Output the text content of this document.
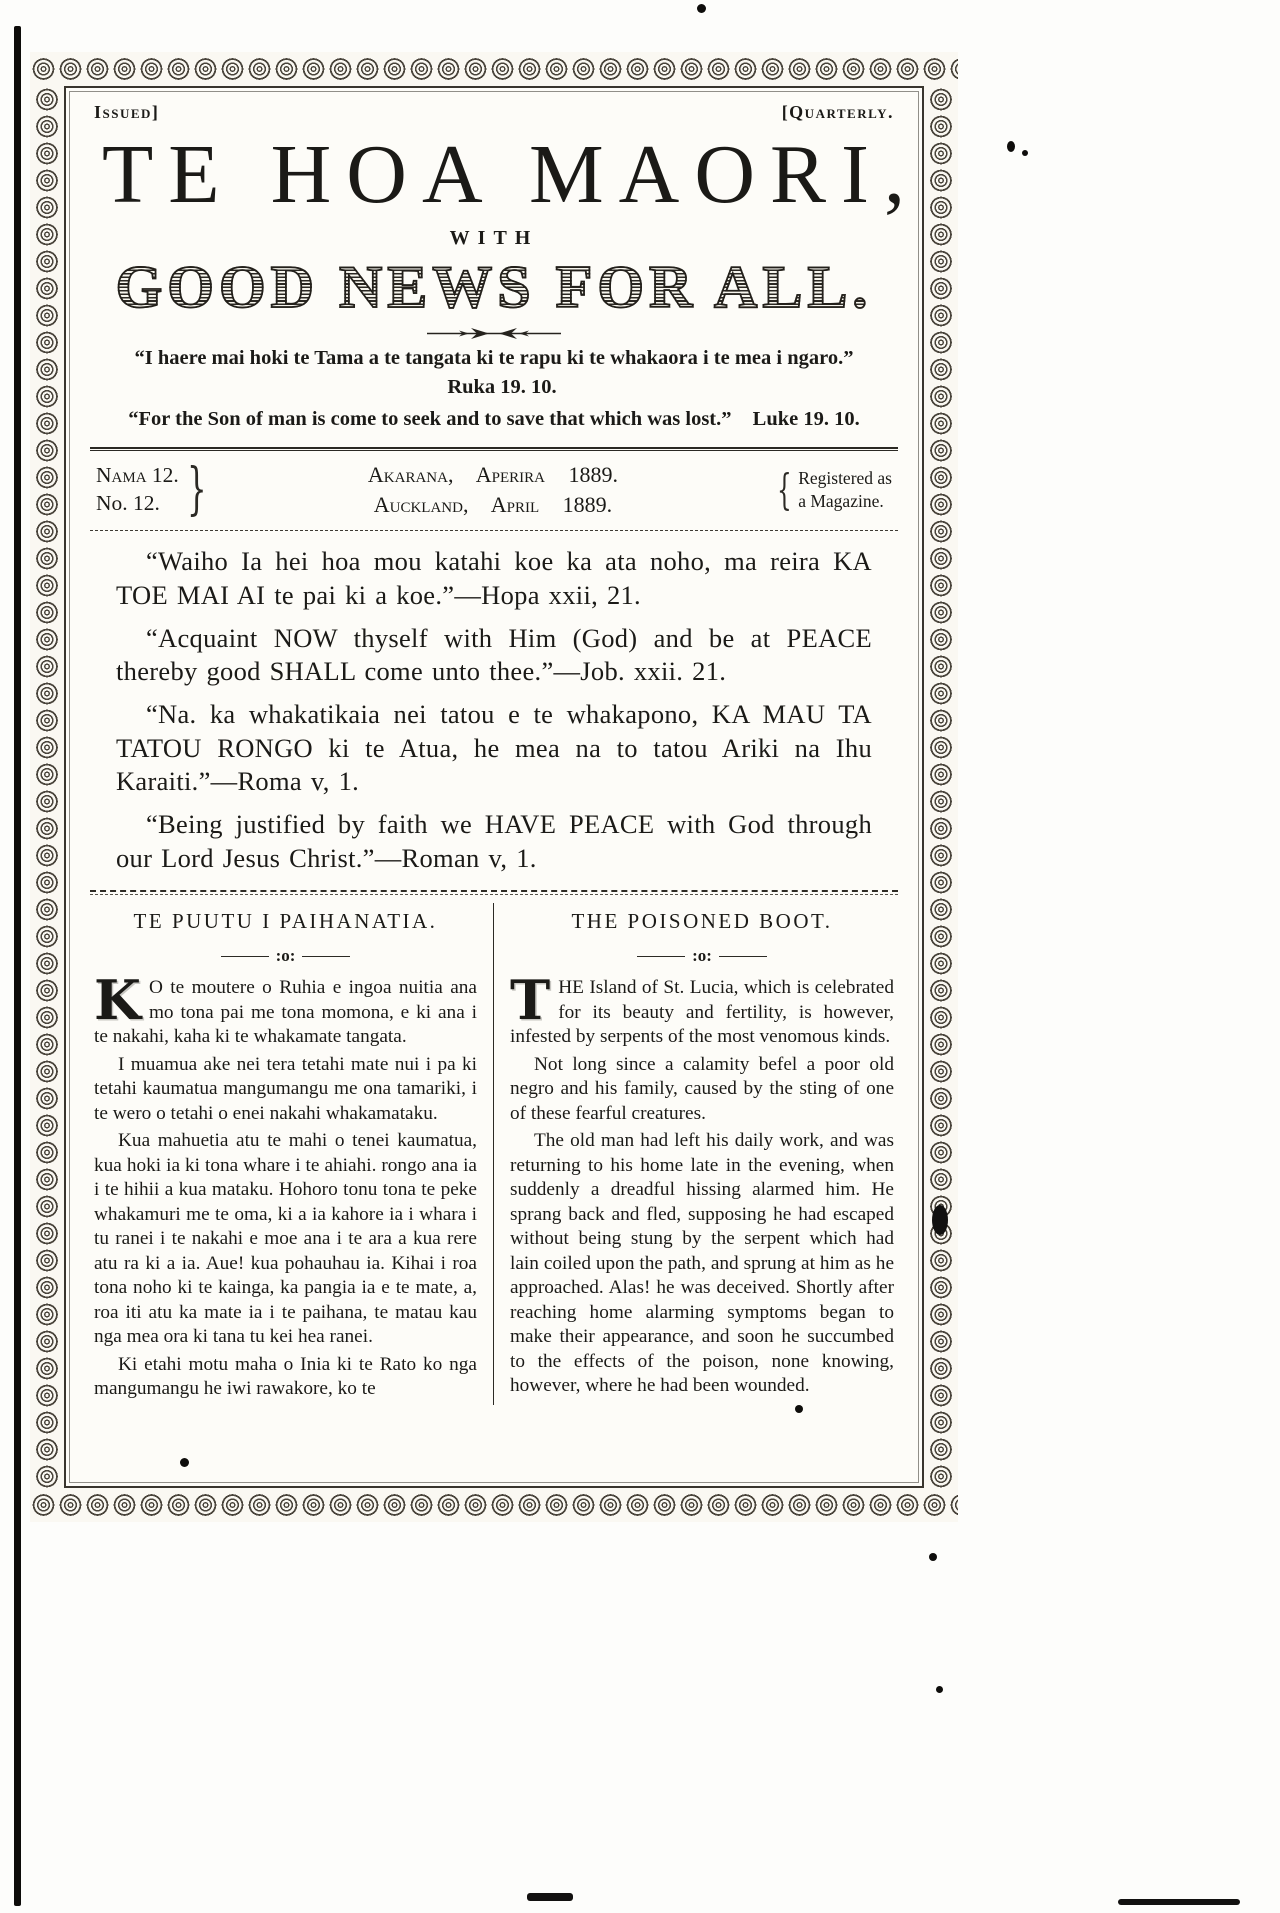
Issued]	[Quarterly.
TE HOA MAORI,
WITH
GOOD NEWS FOR ALL.

“I haere mai hoki te Tama a te tangata ki te rapu ki te whakaora i te mea i ngaro.” Ruka 19. 10.

“For the Son of man is come to seek and to save that which was lost.” Luke 19. 10.

Nama 12.
No. 12. }	Akarana, Aperira 1889.
Auckland, April 1889.	{ Registered as
a Magazine.

“Waiho Ia hei hoa mou katahi koe ka ata noho, ma reira KA TOE MAI AI te pai ki a koe.”—Hopa xxii, 21.

“Acquaint NOW thyself with Him (God) and be at PEACE thereby good SHALL come unto thee.”—Job. xxii. 21.

“Na. ka whakatikaia nei tatou e te whakapono, KA MAU TA TATOU RONGO ki te Atua, he mea na to tatou Ariki na Ihu Karaiti.”—Roma v, 1.

“Being justified by faith we HAVE PEACE with God through our Lord Jesus Christ.”—Roman v, 1.

TE PUUTU I PAIHANATIA.
:o:

K O te moutere o Ruhia e ingoa nuitia ana mo tona pai me tona momona, e ki ana i te nakahi, kaha ki te whakamate tangata.

I muamua ake nei tera tetahi mate nui i pa ki tetahi kaumatua mangumangu me ona tamariki, i te wero o tetahi o enei nakahi whakamataku.

Kua mahuetia atu te mahi o tenei kaumatua, kua hoki ia ki tona whare i te ahiahi. rongo ana ia i te hihii a kua mataku. Hohoro tonu tona te peke whakamuri me te oma, ki a ia kahore ia i whara i tu ranei i te nakahi e moe ana i te ara a kua rere atu ra ki a ia. Aue! kua pohauhau ia. Kihai i roa tona noho ki te kainga, ka pangia ia e te mate, a, roa iti atu ka mate ia i te paihana, te matau kau nga mea ora ki tana tu kei hea ranei.

Ki etahi motu maha o Inia ki te Rato ko nga mangumangu he iwi rawakore, ko te

THE POISONED BOOT.
:o:

THE Island of St. Lucia, which is celebrated for its beauty and fertility, is however, infested by serpents of the most venomous kinds.

Not long since a calamity befel a poor old negro and his family, caused by the sting of one of these fearful creatures.

The old man had left his daily work, and was returning to his home late in the evening, when suddenly a dreadful hissing alarmed him. He sprang back and fled, supposing he had escaped without being stung by the serpent which had lain coiled upon the path, and sprung at him as he approached. Alas! he was deceived. Shortly after reaching home alarming symptoms began to make their appearance, and soon he succumbed to the effects of the poison, none knowing, however, where he had been wounded.
